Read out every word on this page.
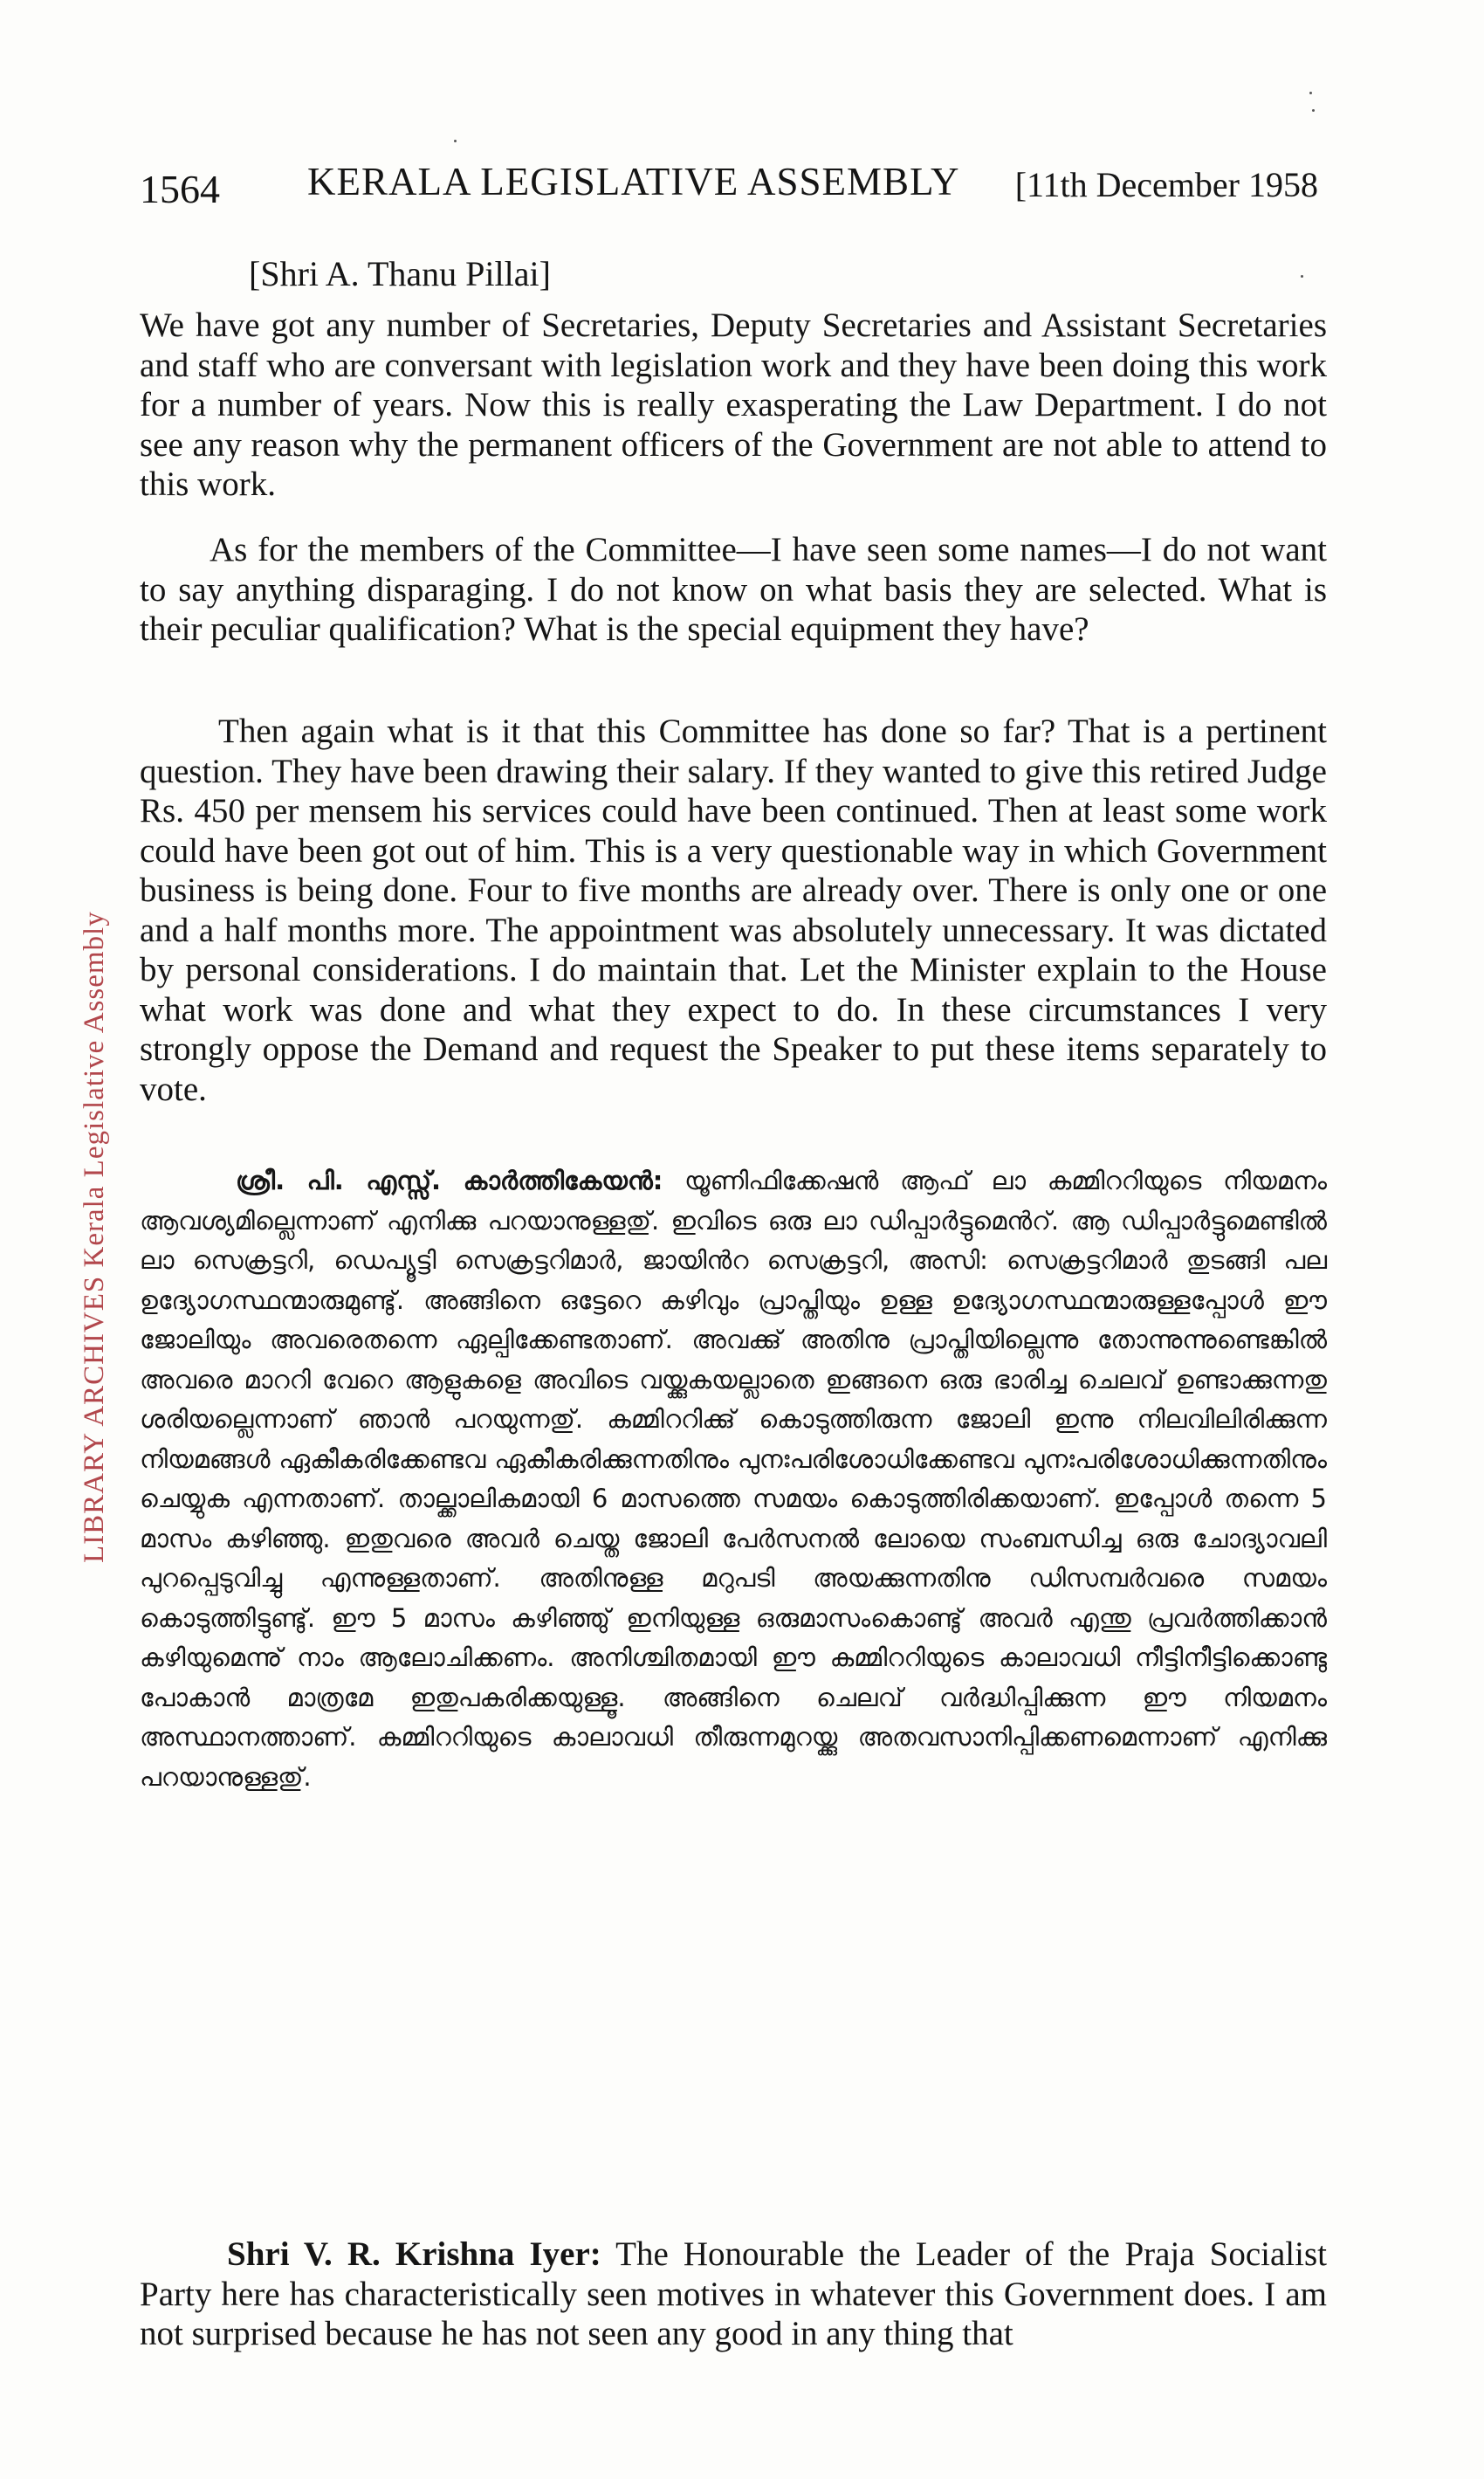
LIBRARY ARCHIVES Kerala Legislative Assembly
1564 KERALA LEGISLATIVE ASSEMBLY [11th December 1958
[Shri A. Thanu Pillai]
We have got any number of Secretaries, Deputy Secretaries and Assistant Secretaries and staff who are conversant with legislation work and they have been doing this work for a number of years. Now this is really exasperating the Law Department. I do not see any reason why the permanent officers of the Government are not able to attend to this work.
As for the members of the Committee—I have seen some names—I do not want to say anything disparaging. I do not know on what basis they are selected. What is their peculiar qualification? What is the special equipment they have?
Then again what is it that this Committee has done so far? That is a pertinent question. They have been drawing their salary. If they wanted to give this retired Judge Rs. 450 per mensem his services could have been continued. Then at least some work could have been got out of him. This is a very questionable way in which Government business is being done. Four to five months are already over. There is only one or one and a half months more. The appointment was absolutely unnecessary. It was dictated by personal considerations. I do maintain that. Let the Minister explain to the House what work was done and what they expect to do. In these circumstances I very strongly oppose the Demand and request the Speaker to put these items separately to vote.
ശ്രീ. പി. എസ്സ്. കാർത്തികേയൻ: യൂണിഫിക്കേഷൻ ആഫ് ലാ കമ്മിററിയുടെ നിയമനം ആവശ്യമില്ലെന്നാണ് എനിക്കു പറയാനുള്ളതു്. ഇവിടെ ഒരു ലാ ഡിപ്പാർട്ടുമെൻറ്. ആ ഡിപ്പാർട്ടുമെണ്ടിൽ ലാ സെക്രട്ടറി, ഡെപ്യൂട്ടി സെക്രട്ടറിമാർ, ജായിൻറ സെക്രട്ടറി, അസി: സെക്രട്ടറിമാർ തുടങ്ങി പല ഉദ്യോഗസ്ഥന്മാരുമുണ്ടു്. അങ്ങിനെ ഒട്ടേറെ കഴിവും പ്രാപ്തിയും ഉള്ള ഉദ്യോഗസ്ഥന്മാരുള്ളപ്പോൾ ഈ ജോലിയും അവരെതന്നെ ഏല്പിക്കേണ്ടതാണ്. അവക്കു് അതിനു പ്രാപ്തിയില്ലെന്നു തോന്നുന്നുണ്ടെങ്കിൽ അവരെ മാററി വേറെ ആളുകളെ അവിടെ വയ്ക്കുകയല്ലാതെ ഇങ്ങനെ ഒരു ഭാരിച്ച ചെലവ് ഉണ്ടാക്കുന്നതു ശരിയല്ലെന്നാണ് ഞാൻ പറയുന്നതു്. കമ്മിററിക്കു് കൊടുത്തിരുന്ന ജോലി ഇന്നു നിലവിലിരിക്കുന്ന നിയമങ്ങൾ ഏകീകരിക്കേണ്ടവ ഏകീകരിക്കുന്നതിനും പുനഃപരിശോധിക്കേണ്ടവ പുനഃപരിശോധിക്കുന്നതിനും ചെയ്യുക എന്നതാണ്. താല്ക്കാലികമായി 6 മാസത്തെ സമയം കൊടുത്തിരിക്കയാണ്. ഇപ്പോൾ തന്നെ 5 മാസം കഴിഞ്ഞു. ഇതുവരെ അവർ ചെയ്ത ജോലി പേർസനൽ ലോയെ സംബന്ധിച്ച ഒരു ചോദ്യാവലി പുറപ്പെടുവിച്ചു എന്നുള്ളതാണ്. അതിനുള്ള മറുപടി അയക്കുന്നതിനു ഡിസമ്പർവരെ സമയം കൊടുത്തിട്ടുണ്ടു്. ഈ 5 മാസം കഴിഞ്ഞു് ഇനിയുള്ള ഒരുമാസംകൊണ്ടു് അവർ എന്തു പ്രവർത്തിക്കാൻ കഴിയുമെന്നു് നാം ആലോചിക്കണം. അനിശ്ചിതമായി ഈ കമ്മിററിയുടെ കാലാവധി നീട്ടിനീട്ടിക്കൊണ്ടു പോകാൻ മാത്രമേ ഇതുപകരിക്കയുള്ളൂ. അങ്ങിനെ ചെലവ് വർദ്ധിപ്പിക്കുന്ന ഈ നിയമനം അസ്ഥാനത്താണ്. കമ്മിററിയുടെ കാലാവധി തീരുന്നമുറയ്ക്കു അതവസാനിപ്പിക്കണമെന്നാണ് എനിക്കു പറയാനുള്ളതു്.
Shri V. R. Krishna Iyer: The Honourable the Leader of the Praja Socialist Party here has characteristically seen motives in whatever this Government does. I am not surprised because he has not seen any good in any thing that
